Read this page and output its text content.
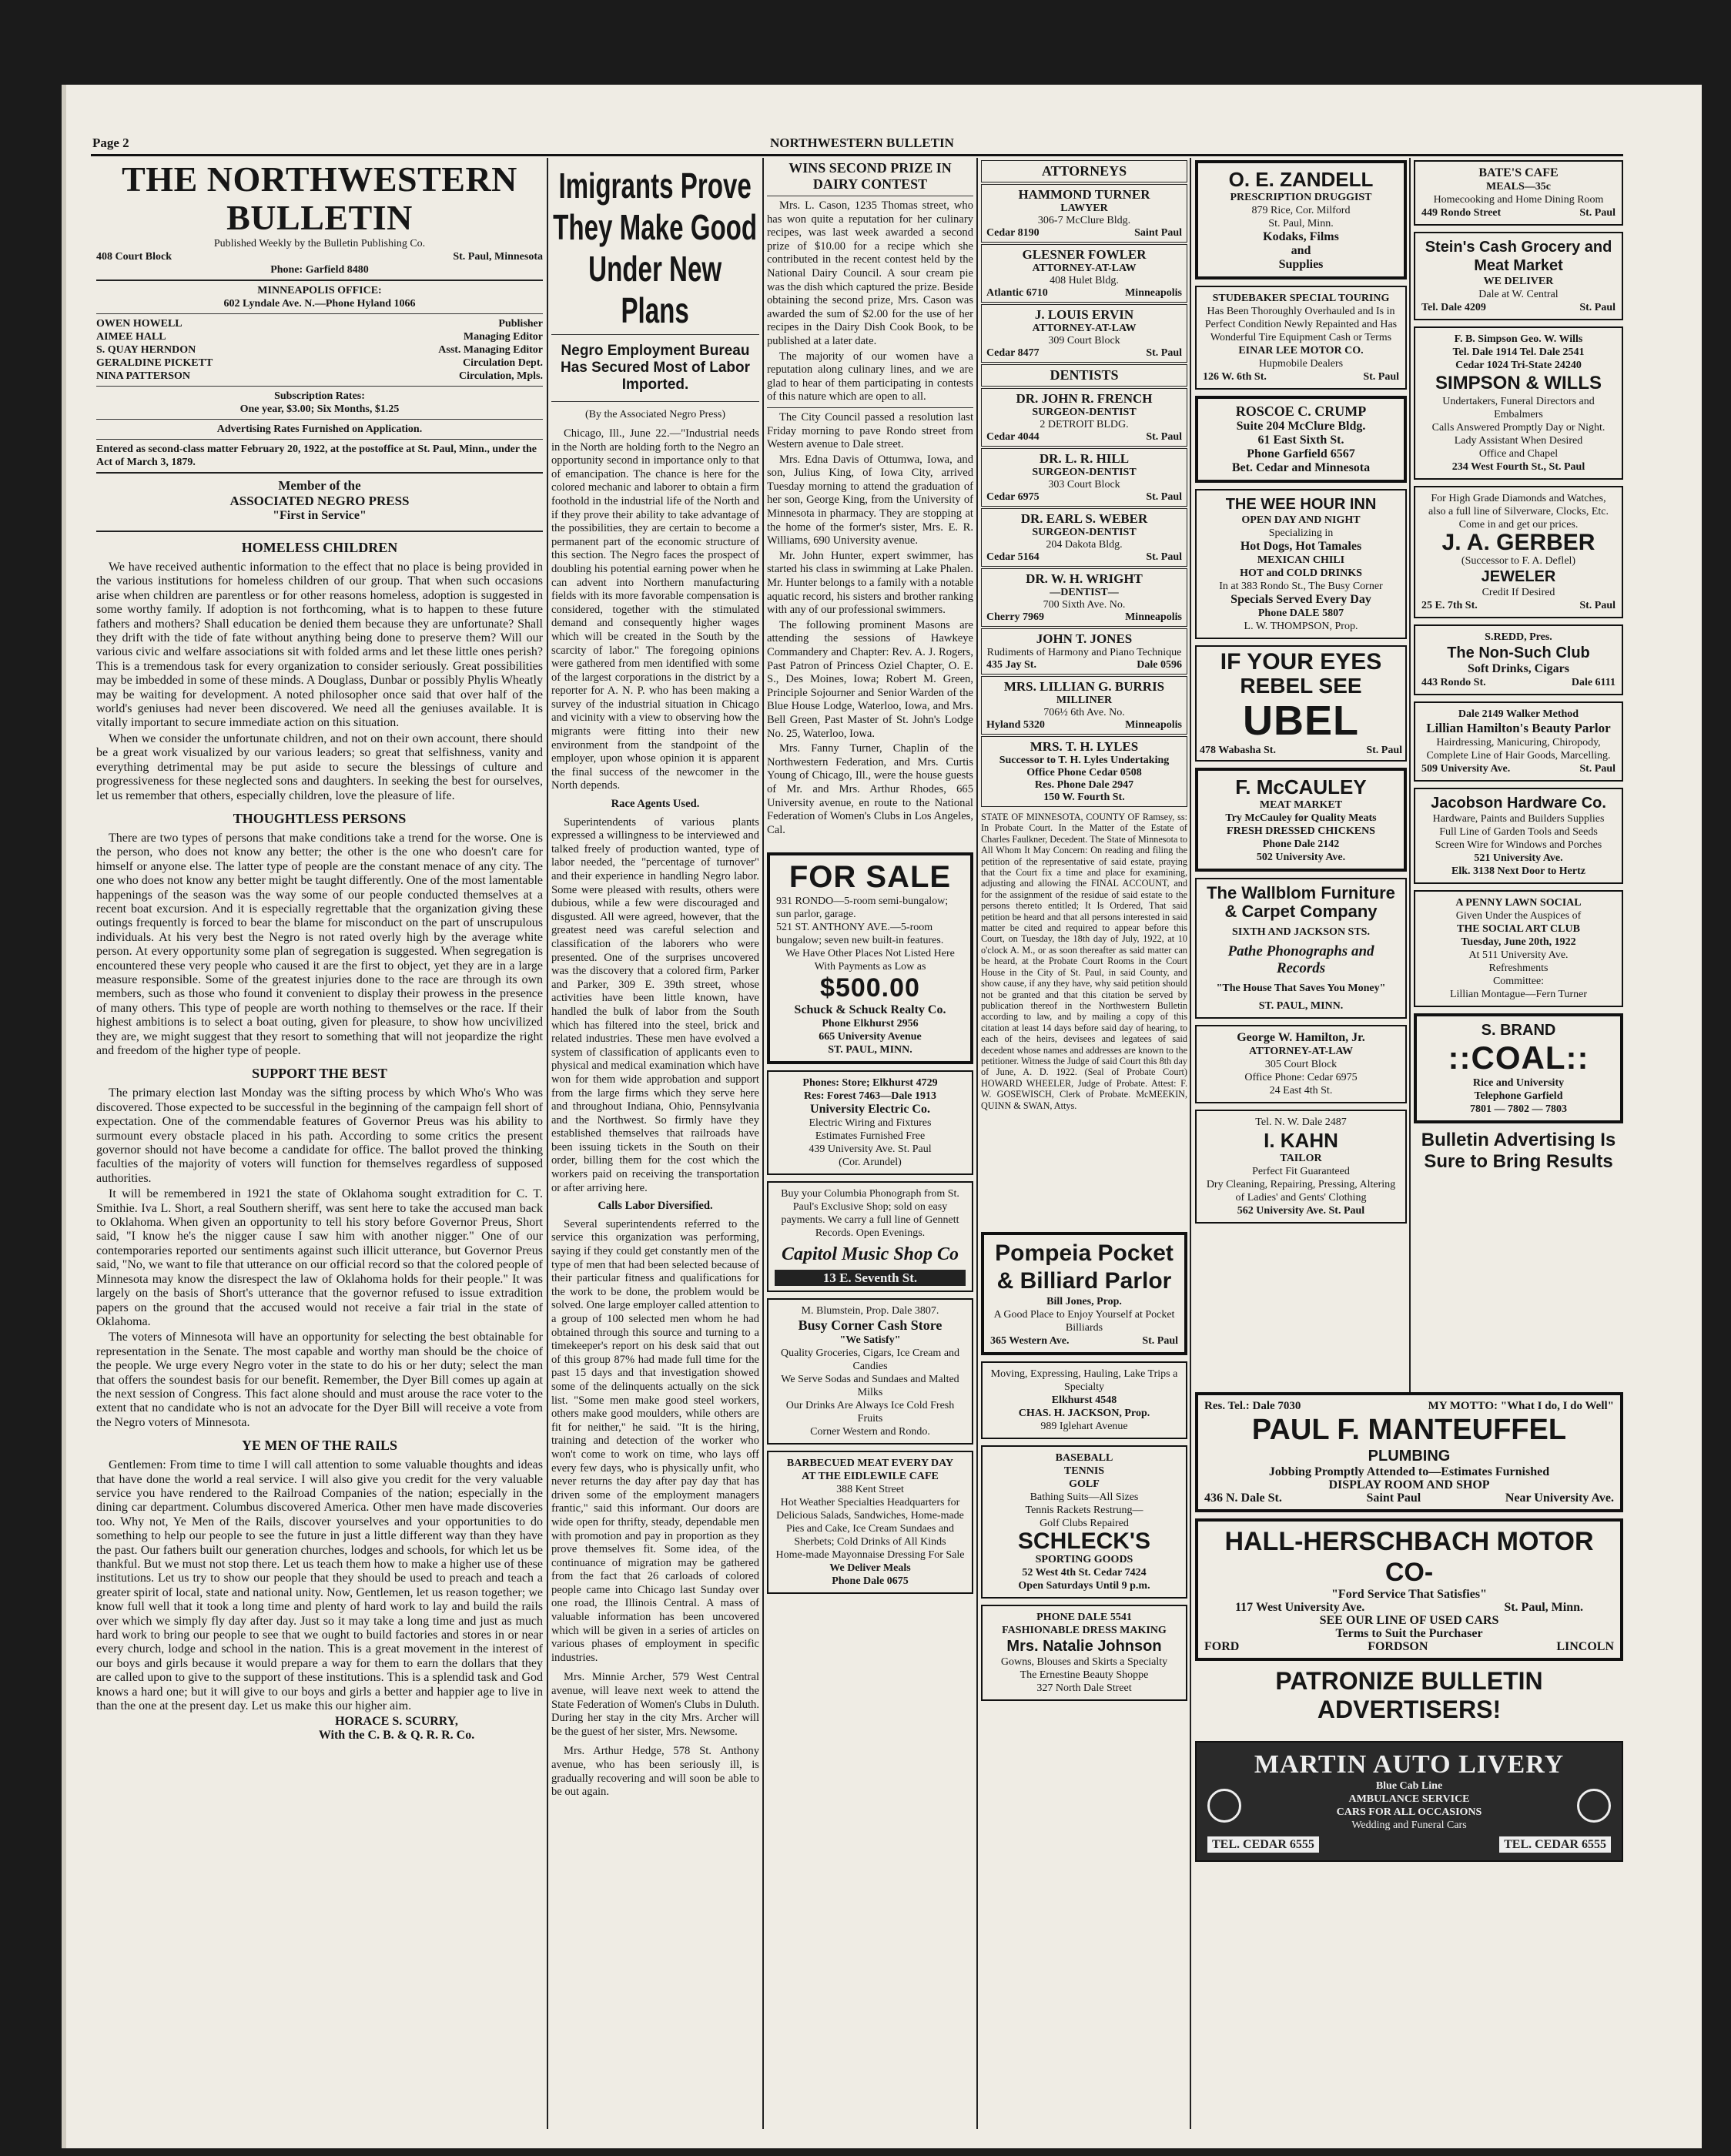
Page 2	NORTHWESTERN BULLETIN
THE NORTHWESTERN BULLETIN
Published Weekly by the Bulletin Publishing Co.
408 Court Block	St. Paul, Minnesota
Phone: Garfield 8480
MINNEAPOLIS OFFICE:
602 Lyndale Ave. N.—Phone Hyland 1066
OWEN HOWELL	Publisher
AIMEE HALL	Managing Editor
S. QUAY HERNDON	Asst. Managing Editor
GERALDINE PICKETT	Circulation Dept.
NINA PATTERSON	Circulation, Mpls.
Subscription Rates:
One year, $3.00; Six Months, $1.25
Advertising Rates Furnished on Application.
Entered as second-class matter February 20, 1922, at the postoffice at St. Paul, Minn., under the Act of March 3, 1879.
Member of the
ASSOCIATED NEGRO PRESS
"First in Service"
HOMELESS CHILDREN

We have received authentic information to the effect that no place is being provided in the various institutions for homeless children of our group. That when such occasions arise when children are parentless or for other reasons homeless, adoption is suggested in some worthy family. If adoption is not forthcoming, what is to happen to these future fathers and mothers? Shall education be denied them because they are unfortunate? Shall they drift with the tide of fate without anything being done to preserve them? Will our various civic and welfare associations sit with folded arms and let these little ones perish? This is a tremendous task for every organization to consider seriously. Great possibilities may be imbedded in some of these minds. A Douglass, Dunbar or possibly Phylis Wheatly may be waiting for development. A noted philosopher once said that over half of the world's geniuses had never been discovered. We need all the geniuses available. It is vitally important to secure immediate action on this situation.

When we consider the unfortunate children, and not on their own account, there should be a great work visualized by our various leaders; so great that selfishness, vanity and everything detrimental may be put aside to secure the blessings of culture and progressiveness for these neglected sons and daughters. In seeking the best for ourselves, let us remember that others, especially children, love the pleasure of life.

THOUGHTLESS PERSONS

There are two types of persons that make conditions take a trend for the worse. One is the person, who does not know any better; the other is the one who doesn't care for himself or anyone else. The latter type of people are the constant menace of any city. The one who does not know any better might be taught differently. One of the most lamentable happenings of the season was the way some of our people conducted themselves at a recent boat excursion. And it is especially regrettable that the organization giving these outings frequently is forced to bear the blame for misconduct on the part of unscrupulous individuals. At his very best the Negro is not rated overly high by the average white person. At every opportunity some plan of segregation is suggested. When segregation is encountered these very people who caused it are the first to object, yet they are in a large measure responsible. Some of the greatest injuries done to the race are through its own members, such as those who found it convenient to display their prowess in the presence of many others. This type of people are worth nothing to themselves or the race. If their highest ambitions is to select a boat outing, given for pleasure, to show how uncivilized they are, we might suggest that they resort to something that will not jeopardize the right and freedom of the higher type of people.

SUPPORT THE BEST

The primary election last Monday was the sifting process by which Who's Who was discovered. Those expected to be successful in the beginning of the campaign fell short of expectation. One of the commendable features of Governor Preus was his ability to surmount every obstacle placed in his path. According to some critics the present governor should not have become a candidate for office. The ballot proved the thinking faculties of the majority of voters will function for themselves regardless of supposed authorities.

It will be remembered in 1921 the state of Oklahoma sought extradition for C. T. Smithie. Iva L. Short, a real Southern sheriff, was sent here to take the accused man back to Oklahoma. When given an opportunity to tell his story before Governor Preus, Short said, "I know he's the nigger cause I saw him with another nigger." One of our contemporaries reported our sentiments against such illicit utterance, but Governor Preus said, "No, we want to file that utterance on our official record so that the colored people of Minnesota may know the disrespect the law of Oklahoma holds for their people." It was largely on the basis of Short's utterance that the governor refused to issue extradition papers on the ground that the accused would not receive a fair trial in the state of Oklahoma.

The voters of Minnesota will have an opportunity for selecting the best obtainable for representation in the Senate. The most capable and worthy man should be the choice of the people. We urge every Negro voter in the state to do his or her duty; select the man that offers the soundest basis for our benefit. Remember, the Dyer Bill comes up again at the next session of Congress. This fact alone should and must arouse the race voter to the extent that no candidate who is not an advocate for the Dyer Bill will receive a vote from the Negro voters of Minnesota.

YE MEN OF THE RAILS

Gentlemen: From time to time I will call attention to some valuable thoughts and ideas that have done the world a real service. I will also give you credit for the very valuable service you have rendered to the Railroad Companies of the nation; especially in the dining car department. Columbus discovered America. Other men have made discoveries too. Why not, Ye Men of the Rails, discover yourselves and your opportunities to do something to help our people to see the future in just a little different way than they have the past. Our fathers built our generation churches, lodges and schools, for which let us be thankful. But we must not stop there. Let us teach them how to make a higher use of these institutions. Let us try to show our people that they should be used to preach and teach a greater spirit of local, state and national unity. Now, Gentlemen, let us reason together; we know full well that it took a long time and plenty of hard work to lay and build the rails over which we simply fly day after day. Just so it may take a long time and just as much hard work to bring our people to see that we ought to build factories and stores in or near every church, lodge and school in the nation. This is a great movement in the interest of our boys and girls because it would prepare a way for them to earn the dollars that they are called upon to give to the support of these institutions. This is a splendid task and God knows a hard one; but it will give to our boys and girls a better and happier age to live in than the one at the present day. Let us make this our higher aim.

HORACE S. SCURRY,
With the C. B. & Q. R. R. Co.
Imigrants Prove They Make Good Under New Plans
Negro Employment Bureau Has Secured Most of Labor Imported.
(By the Associated Negro Press)

Chicago, Ill., June 22.—"Industrial needs in the North are holding forth to the Negro an opportunity second in importance only to that of emancipation. The chance is here for the colored mechanic and laborer to obtain a firm foothold in the industrial life of the North and if they prove their ability to take advantage of the possibilities, they are certain to become a permanent part of the economic structure of this section. The Negro faces the prospect of doubling his potential earning power when he can advent into Northern manufacturing fields with its more favorable compensation is considered, together with the stimulated demand and consequently higher wages which will be created in the South by the scarcity of labor." The foregoing opinions were gathered from men identified with some of the largest corporations in the district by a reporter for A. N. P. who has been making a survey of the industrial situation in Chicago and vicinity with a view to observing how the migrants were fitting into their new environment from the standpoint of the employer, upon whose opinion it is apparent the final success of the newcomer in the North depends.

Race Agents Used.

Superintendents of various plants expressed a willingness to be interviewed and talked freely of production wanted, type of labor needed, the "percentage of turnover" and their experience in handling Negro labor. Some were pleased with results, others were dubious, while a few were discouraged and disgusted. All were agreed, however, that the greatest need was careful selection and classification of the laborers who were presented. One of the surprises uncovered was the discovery that a colored firm, Parker and Parker, 309 E. 39th street, whose activities have been little known, have handled the bulk of labor from the South which has filtered into the steel, brick and related industries. These men have evolved a system of classification of applicants even to physical and medical examination which have won for them wide approbation and support from the large firms which they serve here and throughout Indiana, Ohio, Pennsylvania and the Northwest. So firmly have they established themselves that railroads have been issuing tickets in the South on their order, billing them for the cost which the workers paid on receiving the transportation or after arriving here.

Calls Labor Diversified.

Several superintendents referred to the service this organization was performing, saying if they could get constantly men of the type of men that had been selected because of their particular fitness and qualifications for the work to be done, the problem would be solved. One large employer called attention to a group of 100 selected men whom he had obtained through this source and turning to a timekeeper's report on his desk said that out of this group 87% had made full time for the past 15 days and that investigation showed some of the delinquents actually on the sick list. "Some men make good steel workers, others make good moulders, while others are fit for neither," he said. "It is the hiring, training and detection of the worker who won't come to work on time, who lays off every few days, who is physically unfit, who never returns the day after pay day that has driven some of the employment managers frantic," said this informant. Our doors are wide open for thrifty, steady, dependable men with promotion and pay in proportion as they prove themselves fit. Some idea, of the continuance of migration may be gathered from the fact that 26 carloads of colored people came into Chicago last Sunday over one road, the Illinois Central. A mass of valuable information has been uncovered which will be given in a series of articles on various phases of employment in specific industries.

Mrs. Minnie Archer, 579 West Central avenue, will leave next week to attend the State Federation of Women's Clubs in Duluth. During her stay in the city Mrs. Archer will be the guest of her sister, Mrs. Newsome.

Mrs. Arthur Hedge, 578 St. Anthony avenue, who has been seriously ill, is gradually recovering and will soon be able to be out again.

WINS SECOND PRIZE IN DAIRY CONTEST

Mrs. L. Cason, 1235 Thomas street, who has won quite a reputation for her culinary recipes, was last week awarded a second prize of $10.00 for a recipe which she contributed in the recent contest held by the National Dairy Council. A sour cream pie was the dish which captured the prize. Beside obtaining the second prize, Mrs. Cason was awarded the sum of $2.00 for the use of her recipes in the Dairy Dish Cook Book, to be published at a later date.

The majority of our women have a reputation along culinary lines, and we are glad to hear of them participating in contests of this nature which are open to all.

The City Council passed a resolution last Friday morning to pave Rondo street from Western avenue to Dale street.

Mrs. Edna Davis of Ottumwa, Iowa, and son, Julius King, of Iowa City, arrived Tuesday morning to attend the graduation of her son, George King, from the University of Minnesota in pharmacy. They are stopping at the home of the former's sister, Mrs. E. R. Williams, 690 University avenue.

Mr. John Hunter, expert swimmer, has started his class in swimming at Lake Phalen. Mr. Hunter belongs to a family with a notable aquatic record, his sisters and brother ranking with any of our professional swimmers.

The following prominent Masons are attending the sessions of Hawkeye Commandery and Chapter: Rev. A. J. Rogers, Past Patron of Princess Oziel Chapter, O. E. S., Des Moines, Iowa; Robert M. Green, Principle Sojourner and Senior Warden of the Blue House Lodge, Waterloo, Iowa, and Mrs. Bell Green, Past Master of St. John's Lodge No. 25, Waterloo, Iowa.

Mrs. Fanny Turner, Chaplin of the Northwestern Federation, and Mrs. Curtis Young of Chicago, Ill., were the house guests of Mr. and Mrs. Arthur Rhodes, 665 University avenue, en route to the National Federation of Women's Clubs in Los Angeles, Cal.

FOR SALE
931 RONDO—5-room semi-bungalow; sun parlor, garage.
521 ST. ANTHONY AVE.—5-room bungalow; seven new built-in features.
We Have Other Places Not Listed Here With Payments as Low as
$500.00
Schuck & Schuck Realty Co.
Phone Elkhurst 2956
665 University Avenue
ST. PAUL, MINN.
Phones: Store; Elkhurst 4729
Res: Forest 7463—Dale 1913
University Electric Co.
Electric Wiring and Fixtures
Estimates Furnished Free
439 University Ave. St. Paul
(Cor. Arundel)
Buy your Columbia Phonograph from St. Paul's Exclusive Shop; sold on easy payments. We carry a full line of Gennett Records. Open Evenings.
Capitol Music Shop Co
13 E. Seventh St.
M. Blumstein, Prop. Dale 3807.
Busy Corner Cash Store
"We Satisfy"
Quality Groceries, Cigars, Ice Cream and Candies
We Serve Sodas and Sundaes and Malted Milks
Our Drinks Are Always Ice Cold Fresh Fruits
Corner Western and Rondo.
BARBECUED MEAT EVERY DAY
AT THE EIDLEWILE CAFE
388 Kent Street
Hot Weather Specialties Headquarters for Delicious Salads, Sandwiches, Home-made Pies and Cake, Ice Cream Sundaes and Sherbets; Cold Drinks of All Kinds
Home-made Mayonnaise Dressing For Sale
We Deliver Meals
Phone Dale 0675
ATTORNEYS
HAMMOND TURNER
LAWYER
306-7 McClure Bldg.
Cedar 8190	Saint Paul
GLESNER FOWLER
ATTORNEY-AT-LAW
408 Hulet Bldg.
Atlantic 6710	Minneapolis
J. LOUIS ERVIN
ATTORNEY-AT-LAW
309 Court Block
Cedar 8477	St. Paul
DENTISTS
DR. JOHN R. FRENCH
SURGEON-DENTIST
2 DETROIT BLDG.
Cedar 4044	St. Paul
DR. L. R. HILL
SURGEON-DENTIST
303 Court Block
Cedar 6975	St. Paul
DR. EARL S. WEBER
SURGEON-DENTIST
204 Dakota Bldg.
Cedar 5164	St. Paul
DR. W. H. WRIGHT
—DENTIST—
700 Sixth Ave. No.
Cherry 7969	Minneapolis
JOHN T. JONES
Rudiments of Harmony and Piano Technique
435 Jay St.	Dale 0596
MRS. LILLIAN G. BURRIS
MILLINER
706½ 6th Ave. No.
Hyland 5320	Minneapolis
MRS. T. H. LYLES
Successor to T. H. Lyles Undertaking
Office Phone Cedar 0508
Res. Phone Dale 2947
150 W. Fourth St.
STATE OF MINNESOTA, COUNTY OF Ramsey, ss: In Probate Court. In the Matter of the Estate of Charles Faulkner, Decedent. The State of Minnesota to All Whom It May Concern: On reading and filing the petition of the representative of said estate, praying that the Court fix a time and place for examining, adjusting and allowing the FINAL ACCOUNT, and for the assignment of the residue of said estate to the persons thereto entitled; It Is Ordered, That said petition be heard and that all persons interested in said matter be cited and required to appear before this Court, on Tuesday, the 18th day of July, 1922, at 10 o'clock A. M., or as soon thereafter as said matter can be heard, at the Probate Court Rooms in the Court House in the City of St. Paul, in said County, and show cause, if any they have, why said petition should not be granted and that this citation be served by publication thereof in the Northwestern Bulletin according to law, and by mailing a copy of this citation at least 14 days before said day of hearing, to each of the heirs, devisees and legatees of said decedent whose names and addresses are known to the petitioner. Witness the Judge of said Court this 8th day of June, A. D. 1922. (Seal of Probate Court) HOWARD WHEELER, Judge of Probate. Attest: F. W. GOSEWISCH, Clerk of Probate. McMEEKIN, QUINN & SWAN, Attys.
Pompeia Pocket & Billiard Parlor
Bill Jones, Prop.
A Good Place to Enjoy Yourself at Pocket Billiards
365 Western Ave.	St. Paul
Moving, Expressing, Hauling, Lake Trips a Specialty
Elkhurst 4548
CHAS. H. JACKSON, Prop.
989 Iglehart Avenue
BASEBALL
TENNIS
GOLF
Bathing Suits—All Sizes
Tennis Rackets Restrung—
Golf Clubs Repaired
SCHLECK'S
SPORTING GOODS
52 West 4th St. Cedar 7424
Open Saturdays Until 9 p.m.
PHONE DALE 5541
FASHIONABLE DRESS MAKING
Mrs. Natalie Johnson
Gowns, Blouses and Skirts a Specialty
The Ernestine Beauty Shoppe
327 North Dale Street
O. E. ZANDELL
PRESCRIPTION DRUGGIST
879 Rice, Cor. Milford
St. Paul, Minn.
Kodaks, Films
and
Supplies
STUDEBAKER SPECIAL TOURING
Has Been Thoroughly Overhauled and Is in Perfect Condition Newly Repainted and Has Wonderful Tire Equipment Cash or Terms
EINAR LEE MOTOR CO.
Hupmobile Dealers
126 W. 6th St.	St. Paul
ROSCOE C. CRUMP
Suite 204 McClure Bldg.
61 East Sixth St.
Phone Garfield 6567
Bet. Cedar and Minnesota
THE WEE HOUR INN
OPEN DAY AND NIGHT
Specializing in
Hot Dogs, Hot Tamales
MEXICAN CHILI
HOT and COLD DRINKS
In at 383 Rondo St., The Busy Corner
Specials Served Every Day
Phone DALE 5807
L. W. THOMPSON, Prop.
IF YOUR EYES
REBEL SEE
UBEL
478 Wabasha St.	St. Paul
F. McCAULEY
MEAT MARKET
Try McCauley for Quality Meats
FRESH DRESSED CHICKENS
Phone Dale 2142
502 University Ave.
The Wallblom Furniture & Carpet Company
SIXTH AND JACKSON STS.
Pathe Phonographs and Records
"The House That Saves You Money"
ST. PAUL, MINN.
George W. Hamilton, Jr.
ATTORNEY-AT-LAW
305 Court Block
Office Phone: Cedar 6975
24 East 4th St.
Tel. N. W. Dale 2487
I. KAHN
TAILOR
Perfect Fit Guaranteed
Dry Cleaning, Repairing, Pressing, Altering of Ladies' and Gents' Clothing
562 University Ave. St. Paul
BATE'S CAFE
MEALS—35c
Homecooking and Home Dining Room
449 Rondo Street	St. Paul
Stein's Cash Grocery and Meat Market
WE DELIVER
Dale at W. Central
Tel. Dale 4209	St. Paul
F. B. Simpson Geo. W. Wills
Tel. Dale 1914 Tel. Dale 2541
Cedar 1024 Tri-State 24240
SIMPSON & WILLS
Undertakers, Funeral Directors and Embalmers
Calls Answered Promptly Day or Night.
Lady Assistant When Desired
Office and Chapel
234 West Fourth St., St. Paul
For High Grade Diamonds and Watches, also a full line of Silverware, Clocks, Etc. Come in and get our prices.
J. A. GERBER
(Successor to F. A. Deflel)
JEWELER
Credit If Desired
25 E. 7th St.	St. Paul
S.REDD, Pres.
The Non-Such Club
Soft Drinks, Cigars
443 Rondo St.	Dale 6111
Dale 2149 Walker Method
Lillian Hamilton's Beauty Parlor
Hairdressing, Manicuring, Chiropody, Complete Line of Hair Goods, Marcelling.
509 University Ave.	St. Paul
Jacobson Hardware Co.
Hardware, Paints and Builders Supplies
Full Line of Garden Tools and Seeds
Screen Wire for Windows and Porches
521 University Ave.
Elk. 3138 Next Door to Hertz
A PENNY LAWN SOCIAL
Given Under the Auspices of
THE SOCIAL ART CLUB
Tuesday, June 20th, 1922
At 511 University Ave.
Refreshments
Committee:
Lillian Montague—Fern Turner
S. BRAND
::COAL::
Rice and University
Telephone Garfield
7801 — 7802 — 7803
Bulletin Advertising Is Sure to Bring Results
Res. Tel.: Dale 7030	MY MOTTO: "What I do, I do Well"
PAUL F. MANTEUFFEL
PLUMBING
Jobbing Promptly Attended to—Estimates Furnished
DISPLAY ROOM AND SHOP
436 N. Dale St.	Saint Paul	Near University Ave.
HALL-HERSCHBACH MOTOR CO-
"Ford Service That Satisfies"
117 West University Ave.	St. Paul, Minn.
SEE OUR LINE OF USED CARS
Terms to Suit the Purchaser
FORD	FORDSON	LINCOLN
PATRONIZE BULLETIN ADVERTISERS!
MARTIN AUTO LIVERY
Blue Cab Line
AMBULANCE SERVICE
CARS FOR ALL OCCASIONS
Wedding and Funeral Cars
TEL. CEDAR 6555	TEL. CEDAR 6555
